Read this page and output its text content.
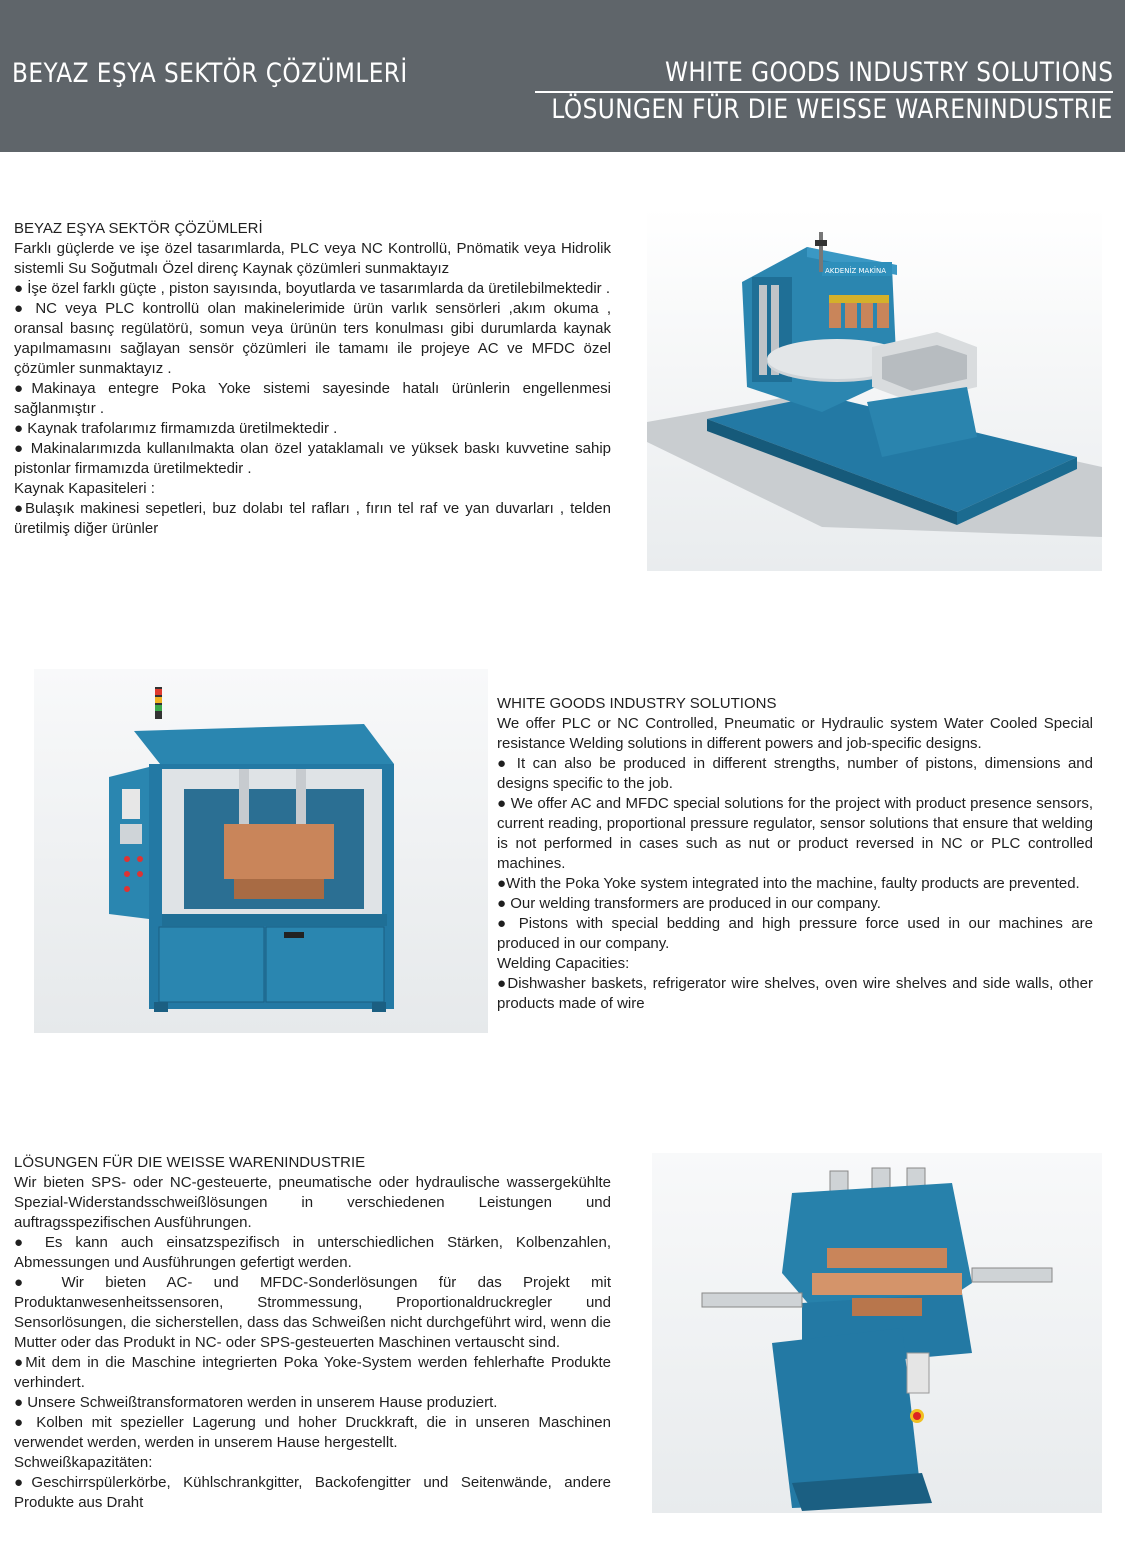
BEYAZ EŞYA SEKTÖR ÇÖZÜMLERİ	WHITE GOODS INDUSTRY SOLUTIONS
LÖSUNGEN FÜR DIE WEISSE WARENINDUSTRIE

BEYAZ EŞYA SEKTÖR ÇÖZÜMLERİ

Farklı güçlerde ve işe özel tasarımlarda, PLC veya NC Kontrollü, Pnömatik veya Hidrolik sistemli Su Soğutmalı Özel direnç Kaynak çözümleri sunmaktayız

● İşe özel farklı güçte , piston sayısında, boyutlarda ve tasarımlarda da üretilebilmektedir .

● NC veya PLC kontrollü olan makinelerimide ürün varlık sensörleri ,akım okuma , oransal basınç regülatörü, somun veya ürünün ters konulması gibi durumlarda kaynak yapılmamasını sağlayan sensör çözümleri ile tamamı ile projeye AC ve MFDC özel çözümler sunmaktayız .

●Makinaya entegre Poka Yoke sistemi sayesinde hatalı ürünlerin engellenmesi sağlanmıştır .

● Kaynak trafolarımız firmamızda üretilmektedir .

● Makinalarımızda kullanılmakta olan özel yataklamalı ve yüksek baskı kuvvetine sahip pistonlar firmamızda üretilmektedir .

Kaynak Kapasiteleri :

●Bulaşık makinesi sepetleri, buz dolabı tel rafları , fırın tel raf ve yan duvarları , telden üretilmiş diğer ürünler

AKDENİZ MAKİNA

WHITE GOODS INDUSTRY SOLUTIONS

We offer PLC or NC Controlled, Pneumatic or Hydraulic system Water Cooled Special resistance Welding solutions in different powers and job-specific designs.

● It can also be produced in different strengths, number of pistons, dimensions and designs specific to the job.

● We offer AC and MFDC special solutions for the project with product presence sensors, current reading, proportional pressure regulator, sensor solutions that ensure that welding is not performed in cases such as nut or product reversed in NC or PLC controlled machines.

●With the Poka Yoke system integrated into the machine, faulty products are prevented.

● Our welding transformers are produced in our company.

● Pistons with special bedding and high pressure force used in our machines are produced in our company.

Welding Capacities:

●Dishwasher baskets, refrigerator wire shelves, oven wire shelves and side walls, other products made of wire

LÖSUNGEN FÜR DIE WEISSE WARENINDUSTRIE

Wir bieten SPS- oder NC-gesteuerte, pneumatische oder hydraulische wassergekühlte Spezial-Widerstandsschweißlösungen in verschiedenen Leistungen und auftragsspezifischen Ausführungen.

● Es kann auch einsatzspezifisch in unterschiedlichen Stärken, Kolbenzahlen, Abmessungen und Ausführungen gefertigt werden.

● Wir bieten AC- und MFDC-Sonderlösungen für das Projekt mit Produktanwesenheitssensoren, Strommessung, Proportionaldruckregler und Sensorlösungen, die sicherstellen, dass das Schweißen nicht durchgeführt wird, wenn die Mutter oder das Produkt in NC- oder SPS-gesteuerten Maschinen vertauscht sind.

●Mit dem in die Maschine integrierten Poka Yoke-System werden fehlerhafte Produkte verhindert.

● Unsere Schweißtransformatoren werden in unserem Hause produziert.

● Kolben mit spezieller Lagerung und hoher Druckkraft, die in unseren Maschinen verwendet werden, werden in unserem Hause hergestellt.

Schweißkapazitäten:

●Geschirrspülerkörbe, Kühlschrankgitter, Backofengitter und Seitenwände, andere Produkte aus Draht
